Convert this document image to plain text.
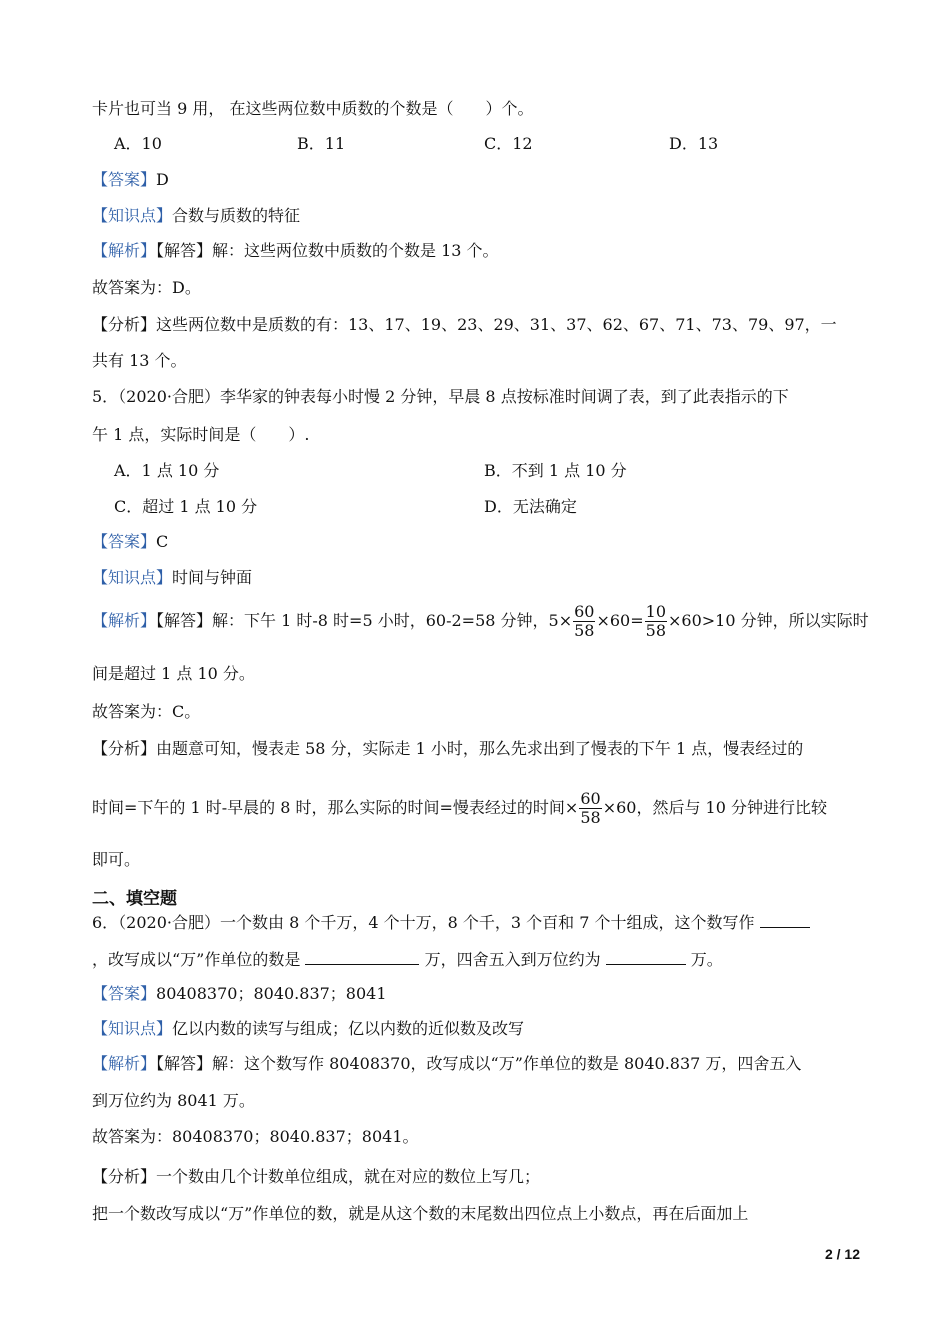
卡片也可当 9 用， 在这些两位数中质数的个数是（　　）个。
A．10	B．11	C．12	D．13
【答案】D
【知识点】合数与质数的特征
【解析】【解答】解：这些两位数中质数的个数是 13 个。
故答案为：D。
【分析】这些两位数中是质数的有：13、17、19、23、29、31、37、62、67、71、73、79、97，一
共有 13 个。
5．（2020·合肥）李华家的钟表每小时慢 2 分钟，早晨 8 点按标准时间调了表，到了此表指示的下
午 1 点，实际时间是（　　）.
A．1 点 10 分	B．不到 1 点 10 分
C．超过 1 点 10 分	D．无法确定
【答案】C
【知识点】时间与钟面
【解析】【解答】解：下午 1 时-8 时=5 小时，60-2=58 分钟，$5\times \frac{60}{58} \times 60= \frac{10}{58} \times 60>10$ 分钟，所以实际时
间是超过 1 点 10 分。
故答案为：C。
【分析】由题意可知，慢表走 58 分，实际走 1 小时，那么先求出到了慢表的下午 1 点，慢表经过的
时间=下午的 1 时-早晨的 8 时，那么实际的时间=慢表经过的时间× $\frac{60}{58} \times 60$，然后与 10 分钟进行比较
即可。
二、填空题
6．（2020·合肥）一个数由 8 个千万，4 个十万，8 个千，3 个百和 7 个十组成，这个数写作
，改写成以“万”作单位的数是	万，四舍五入到万位约为	万。
【答案】80408370；8040.837；8041
【知识点】亿以内数的读写与组成；亿以内数的近似数及改写
【解析】【解答】解：这个数写作 80408370，改写成以“万”作单位的数是 8040.837 万，四舍五入
到万位约为 8041 万。
故答案为：80408370；8040.837；8041。
【分析】一个数由几个计数单位组成，就在对应的数位上写几；
把一个数改写成以“万”作单位的数，就是从这个数的末尾数出四位点上小数点，再在后面加上
2 / 12
